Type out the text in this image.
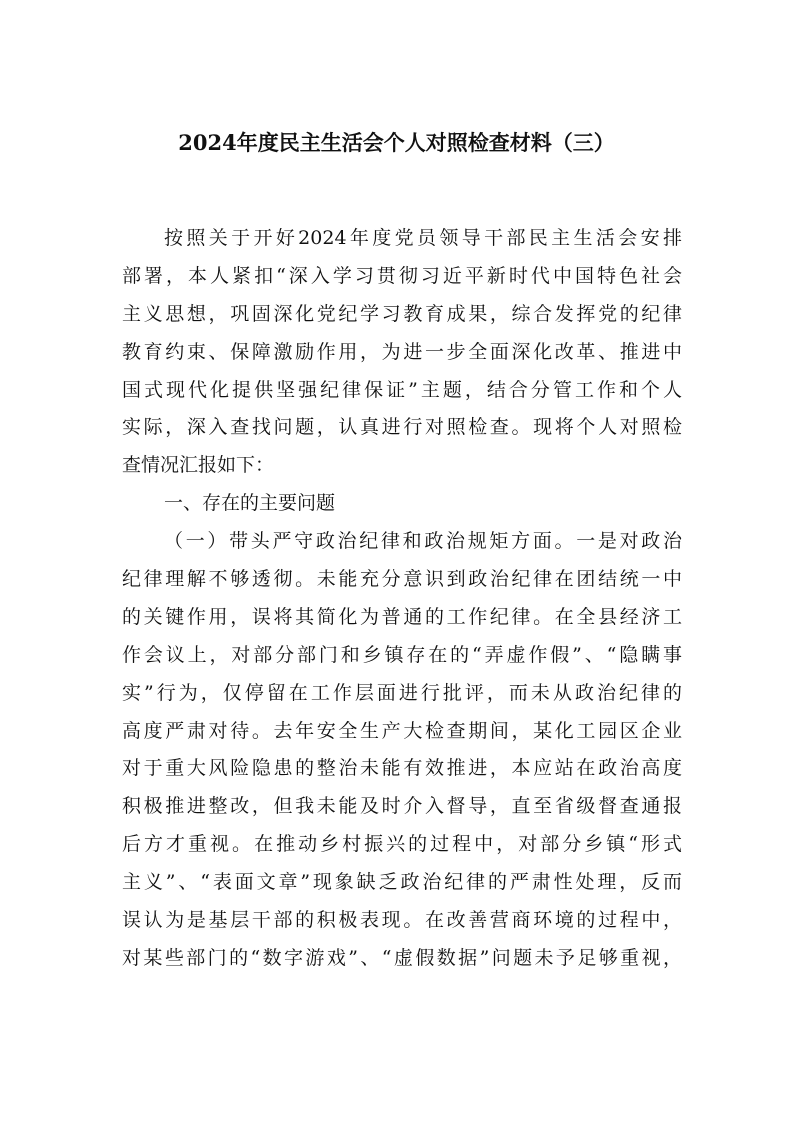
2024年度民主生活会个人对照检查材料（三）
按照关于开好2024年度党员领导干部民主生活会安排
部署，本人紧扣“深入学习贯彻习近平新时代中国特色社会
主义思想，巩固深化党纪学习教育成果，综合发挥党的纪律
教育约束、保障激励作用，为进一步全面深化改革、推进中
国式现代化提供坚强纪律保证”主题，结合分管工作和个人
实际，深入查找问题，认真进行对照检查。现将个人对照检
查情况汇报如下：
一、存在的主要问题
（一）带头严守政治纪律和政治规矩方面。一是对政治
纪律理解不够透彻。未能充分意识到政治纪律在团结统一中
的关键作用，误将其简化为普通的工作纪律。在全县经济工
作会议上，对部分部门和乡镇存在的“弄虚作假”、“隐瞒事
实”行为，仅停留在工作层面进行批评，而未从政治纪律的
高度严肃对待。去年安全生产大检查期间，某化工园区企业
对于重大风险隐患的整治未能有效推进，本应站在政治高度
积极推进整改，但我未能及时介入督导，直至省级督查通报
后方才重视。在推动乡村振兴的过程中，对部分乡镇“形式
主义”、“表面文章”现象缺乏政治纪律的严肃性处理，反而
误认为是基层干部的积极表现。在改善营商环境的过程中，
对某些部门的“数字游戏”、“虚假数据”问题未予足够重视，
